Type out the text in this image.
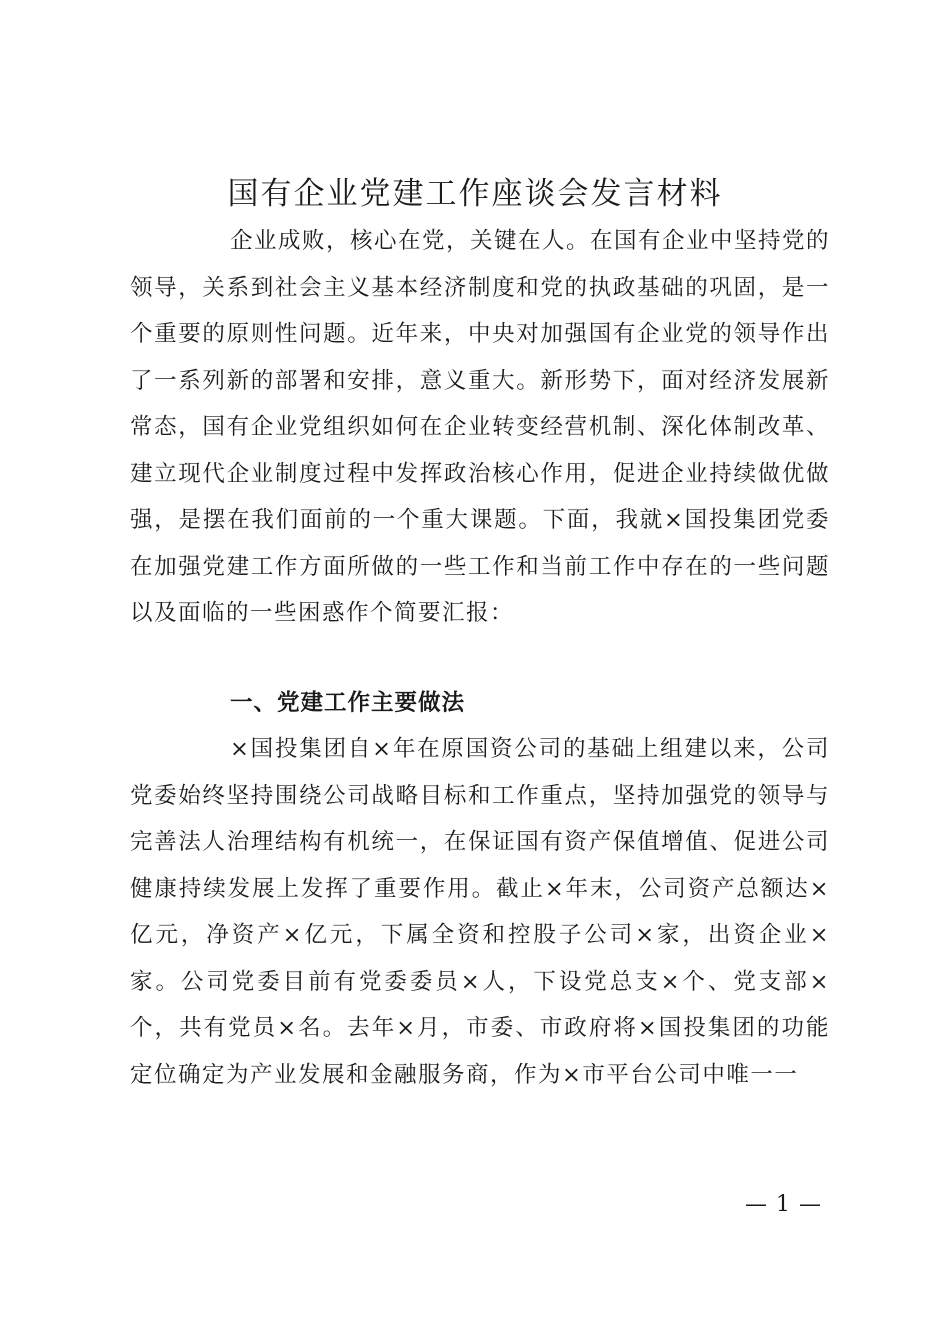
国有企业党建工作座谈会发言材料

企业成败，核心在党，关键在人。在国有企业中坚持党的领导，关系到社会主义基本经济制度和党的执政基础的巩固，是一个重要的原则性问题。近年来，中央对加强国有企业党的领导作出了一系列新的部署和安排，意义重大。新形势下，面对经济发展新常态，国有企业党组织如何在企业转变经营机制、深化体制改革、建立现代企业制度过程中发挥政治核心作用，促进企业持续做优做强，是摆在我们面前的一个重大课题。下面，我就×国投集团党委在加强党建工作方面所做的一些工作和当前工作中存在的一些问题以及面临的一些困惑作个简要汇报：

一、党建工作主要做法

×国投集团自×年在原国资公司的基础上组建以来，公司党委始终坚持围绕公司战略目标和工作重点，坚持加强党的领导与完善法人治理结构有机统一，在保证国有资产保值增值、促进公司健康持续发展上发挥了重要作用。截止×年末，公司资产总额达×亿元，净资产×亿元，下属全资和控股子公司×家，出资企业×家。公司党委目前有党委委员×人，下设党总支×个、党支部×个，共有党员×名。去年×月，市委、市政府将×国投集团的功能定位确定为产业发展和金融服务商，作为×市平台公司中唯一一

— 1 —
